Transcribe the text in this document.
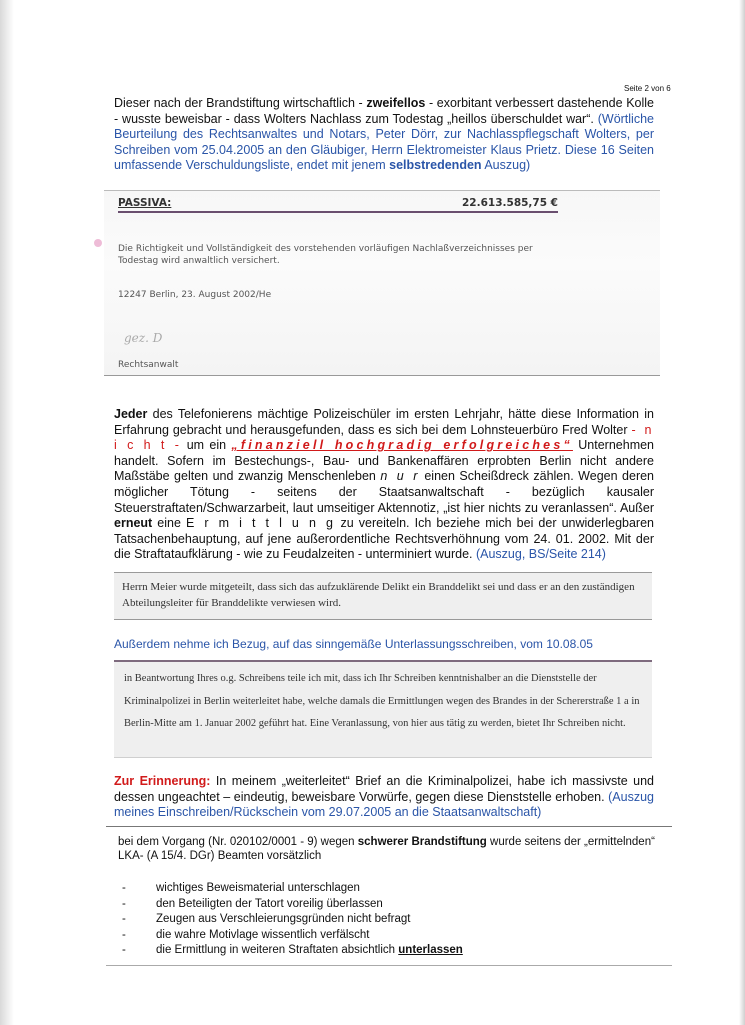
Seite 2 von 6
Dieser nach der Brandstiftung wirtschaftlich - zweifellos - exorbitant verbessert dastehende Kolle - wusste beweisbar - dass Wolters Nachlass zum Todestag „heillos überschuldet war“. (Wörtliche Beurteilung des Rechtsanwaltes und Notars, Peter Dörr, zur Nachlasspflegschaft Wolters, per Schreiben vom 25.04.2005 an den Gläubiger, Herrn Elektromeister Klaus Prietz. Diese 16 Seiten umfassende Verschuldungsliste, endet mit jenem selbstredenden Auszug)
PASSIVA:	22.613.585,75 €
Die Richtigkeit und Vollständigkeit des vorstehenden vorläufigen Nachlaßverzeichnisses per Todestag wird anwaltlich versichert.
12247 Berlin, 23. August 2002/He
gez. D
Rechtsanwalt
Jeder des Telefonierens mächtige Polizeischüler im ersten Lehrjahr, hätte diese Information in Erfahrung gebracht und herausgefunden, dass es sich bei dem Lohnsteuerbüro Fred Wolter - n i c h t - um ein „finanziell hochgradig erfolgreiches“ Unternehmen handelt. Sofern im Bestechungs-, Bau- und Bankenaffären erprobten Berlin nicht andere Maßstäbe gelten und zwanzig Menschenleben n u r einen Scheißdreck zählen. Wegen deren möglicher Tötung - seitens der Staatsanwaltschaft - bezüglich kausaler Steuerstraftaten/Schwarzarbeit, laut umseitiger Aktennotiz, „ist hier nichts zu veranlassen“. Außer erneut eine E r m i t t l u n g zu vereiteln. Ich beziehe mich bei der unwiderlegbaren Tatsachenbehauptung, auf jene außerordentliche Rechtsverhöhnung vom 24. 01. 2002. Mit der die Straftataufklärung - wie zu Feudalzeiten - unterminiert wurde. (Auszug, BS/Seite 214)
Herrn Meier wurde mitgeteilt, dass sich das aufzuklärende Delikt ein Branddelikt sei und dass er an den zuständigen Abteilungsleiter für Branddelikte verwiesen wird.
Außerdem nehme ich Bezug, auf das sinngemäße Unterlassungsschreiben, vom 10.08.05
in Beantwortung Ihres o.g. Schreibens teile ich mit, dass ich Ihr Schreiben kenntnishalber an die Dienststelle der Kriminalpolizei in Berlin weiterleitet habe, welche damals die Ermittlungen wegen des Brandes in der Schererstraße 1 a in Berlin-Mitte am 1. Januar 2002 geführt hat. Eine Veranlassung, von hier aus tätig zu werden, bietet Ihr Schreiben nicht.
Zur Erinnerung: In meinem „weiterleitet“ Brief an die Kriminalpolizei, habe ich massivste und dessen ungeachtet – eindeutig, beweisbare Vorwürfe, gegen diese Dienststelle erhoben. (Auszug meines Einschreiben/Rückschein vom 29.07.2005 an die Staatsanwaltschaft)
bei dem Vorgang (Nr. 020102/0001 - 9) wegen schwerer Brandstiftung wurde seitens der „ermittelnden“ LKA- (A 15/4. DGr) Beamten vorsätzlich
-	wichtiges Beweismaterial unterschlagen
-	den Beteiligten der Tatort voreilig überlassen
-	Zeugen aus Verschleierungsgründen nicht befragt
-	die wahre Motivlage wissentlich verfälscht
-	die Ermittlung in weiteren Straftaten absichtlich unterlassen
